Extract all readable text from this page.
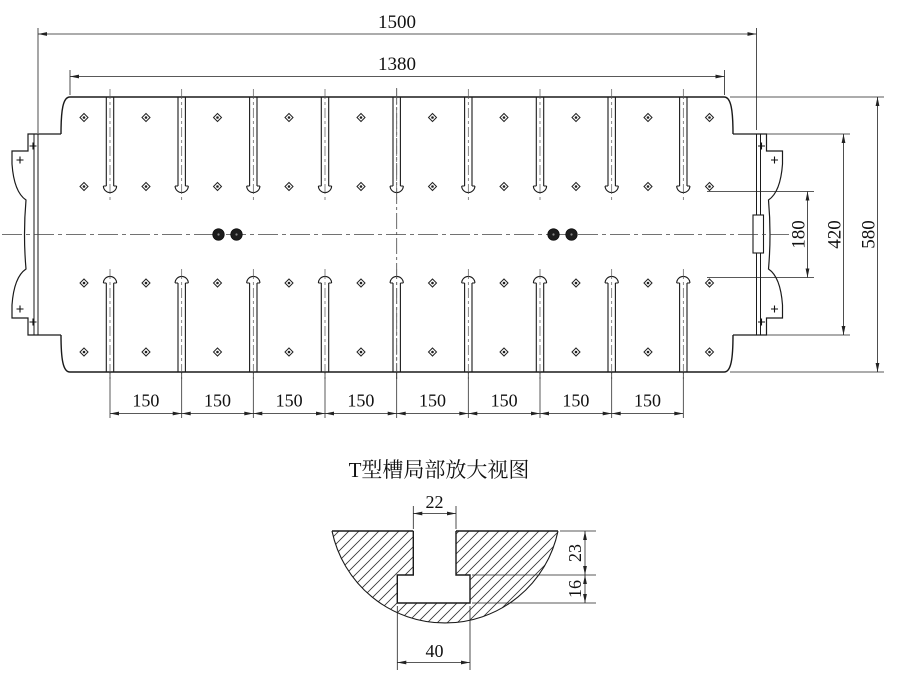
150 150 150 150 150 150 150 150
1500
1380
580
420
180
T型槽局部放大视图
22
23
16
40
